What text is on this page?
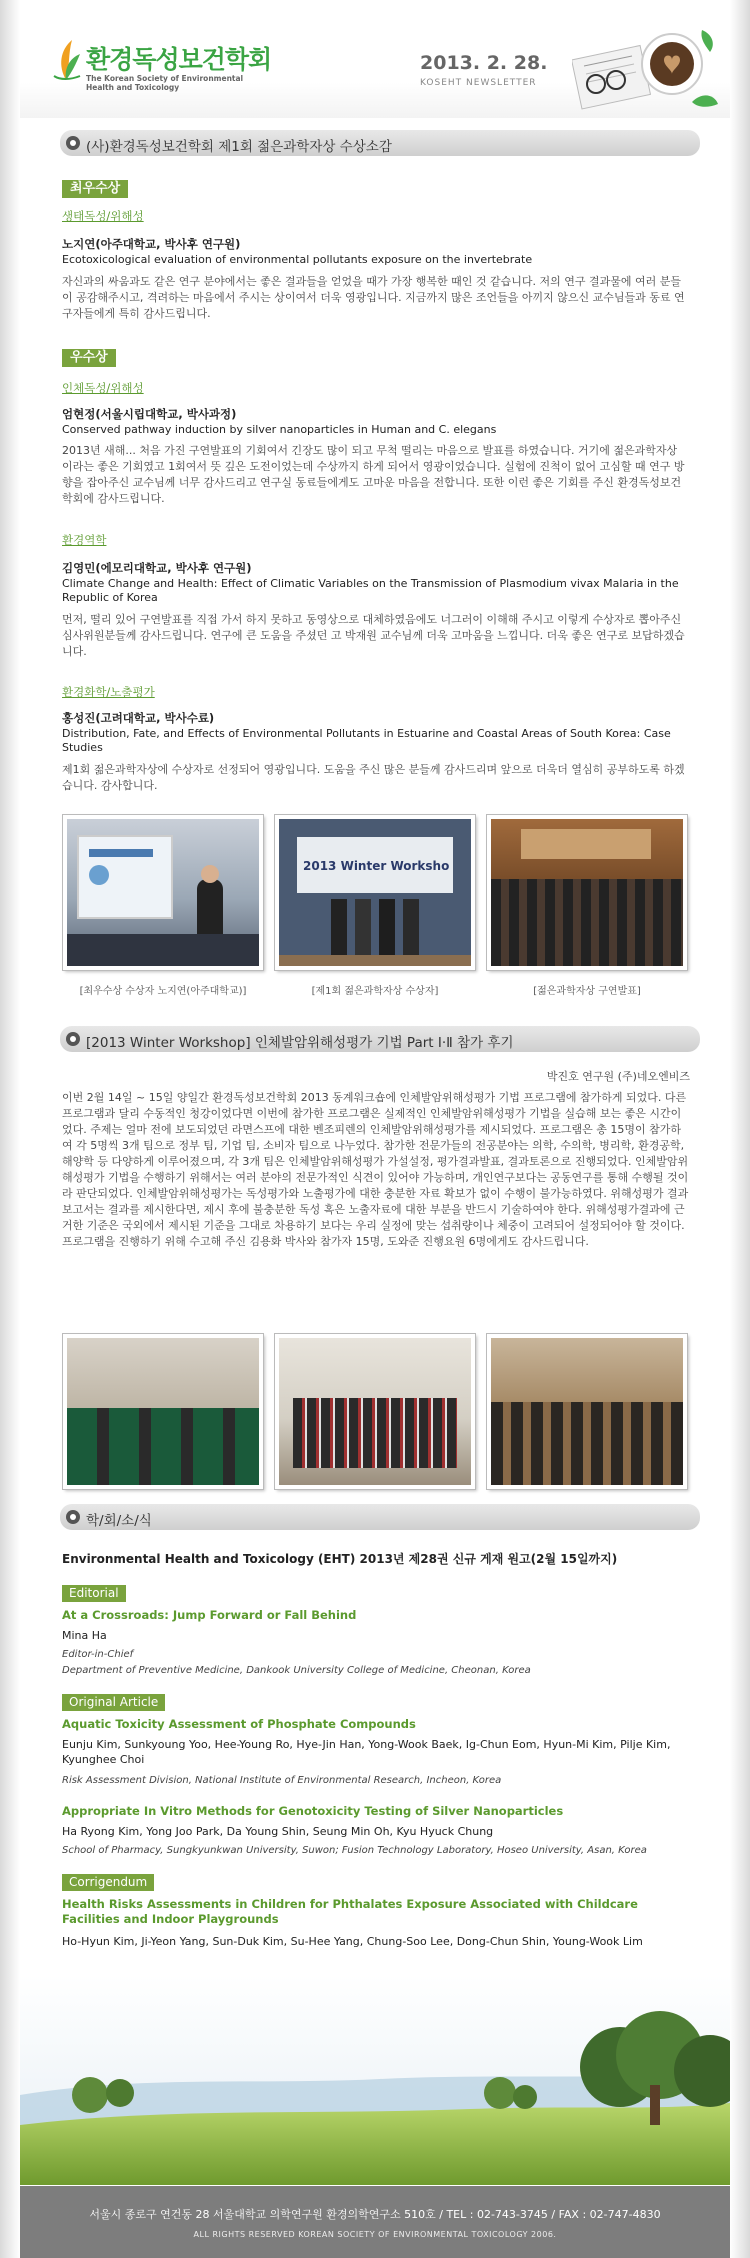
환경독성보건학회
The Korean Society of Environmental
Health and Toxicology
2013. 2. 28.
KOSEHT NEWSLETTER
(사)환경독성보건학회 제1회 젊은과학자상 수상소감
최우수상
생태독성/위해성
노지연(아주대학교, 박사후 연구원)
Ecotoxicological evaluation of environmental pollutants exposure on the invertebrate
자신과의 싸움과도 같은 연구 분야에서는 좋은 결과들을 얻었을 때가 가장 행복한 때인 것 같습니다. 저의 연구 결과물에 여러 분들이 공감해주시고, 격려하는 마음에서 주시는 상이여서 더욱 영광입니다. 지금까지 많은 조언들을 아끼지 않으신 교수님들과 동료 연구자들에게 특히 감사드립니다.
우수상
인체독성/위해성
엄현정(서울시립대학교, 박사과정)
Conserved pathway induction by silver nanoparticles in Human and C. elegans
2013년 새해... 처음 가진 구연발표의 기회여서 긴장도 많이 되고 무척 떨리는 마음으로 발표를 하였습니다. 거기에 젊은과학자상이라는 좋은 기회였고 1회여서 뜻 깊은 도전이었는데 수상까지 하게 되어서 영광이었습니다. 실험에 진척이 없어 고심할 때 연구 방향을 잡아주신 교수님께 너무 감사드리고 연구실 동료들에게도 고마운 마음을 전합니다. 또한 이런 좋은 기회를 주신 환경독성보건학회에 감사드립니다.
환경역학
김영민(에모리대학교, 박사후 연구원)
Climate Change and Health: Effect of Climatic Variables on the Transmission of Plasmodium vivax Malaria in the Republic of Korea
먼저, 떨리 있어 구연발표를 직접 가서 하지 못하고 동영상으로 대체하였음에도 너그러이 이해해 주시고 이렇게 수상자로 뽑아주신 심사위원분들께 감사드립니다. 연구에 큰 도움을 주셨던 고 박재원 교수님께 더욱 고마움을 느낍니다. 더욱 좋은 연구로 보답하겠습니다.
환경화학/노출평가
홍성진(고려대학교, 박사수료)
Distribution, Fate, and Effects of Environmental Pollutants in Estuarine and Coastal Areas of South Korea: Case Studies
제1회 젊은과학자상에 수상자로 선정되어 영광입니다. 도움을 주신 많은 분들께 감사드리며 앞으로 더욱더 열심히 공부하도록 하겠습니다. 감사합니다.
2013 Winter Worksho
[최우수상 수상자 노지연(아주대학교)]	[제1회 젊은과학자상 수상자]	[젊은과학자상 구연발표]
[2013 Winter Workshop] 인체발암위해성평가 기법 Part Ⅰ·Ⅱ 참가 후기
박진호 연구원 (주)네오엔비즈
이번 2월 14일 ~ 15일 양일간 환경독성보건학회 2013 동계워크숍에 인체발암위해성평가 기법 프로그램에 참가하게 되었다. 다른 프로그램과 달리 수동적인 청강이었다면 이번에 참가한 프로그램은 실제적인 인체발암위해성평가 기법을 실습해 보는 좋은 시간이었다. 주제는 얼마 전에 보도되었던 라면스프에 대한 벤조피렌의 인체발암위해성평가를 제시되었다. 프로그램은 총 15명이 참가하여 각 5명씩 3개 팀으로 정부 팀, 기업 팀, 소비자 팀으로 나누었다. 참가한 전문가들의 전공분야는 의학, 수의학, 병리학, 환경공학, 해양학 등 다양하게 이루어졌으며, 각 3개 팀은 인체발암위해성평가 가설설정, 평가결과발표, 결과토론으로 진행되었다. 인체발암위해성평가 기법을 수행하기 위해서는 여러 분야의 전문가적인 식견이 있어야 가능하며, 개인연구보다는 공동연구를 통해 수행될 것이라 판단되었다. 인체발암위해성평가는 독성평가와 노출평가에 대한 충분한 자료 확보가 없이 수행이 불가능하였다. 위해성평가 결과 보고서는 결과를 제시한다면, 제시 후에 불충분한 독성 혹은 노출자료에 대한 부분을 반드시 기술하여야 한다. 위해성평가결과에 근거한 기준은 국외에서 제시된 기준을 그대로 차용하기 보다는 우리 실정에 맞는 섭취량이나 체중이 고려되어 설정되어야 할 것이다. 프로그램을 진행하기 위해 수고해 주신 김용화 박사와 참가자 15명, 도와준 진행요원 6명에게도 감사드립니다.
학/회/소/식
Environmental Health and Toxicology (EHT) 2013년 제28권 신규 게재 원고(2월 15일까지)
Editorial
At a Crossroads: Jump Forward or Fall Behind
Mina Ha
Editor-in-Chief
Department of Preventive Medicine, Dankook University College of Medicine, Cheonan, Korea
Original Article
Aquatic Toxicity Assessment of Phosphate Compounds
Eunju Kim, Sunkyoung Yoo, Hee-Young Ro, Hye-Jin Han, Yong-Wook Baek, Ig-Chun Eom, Hyun-Mi Kim, Pilje Kim, Kyunghee Choi
Risk Assessment Division, National Institute of Environmental Research, Incheon, Korea
Appropriate In Vitro Methods for Genotoxicity Testing of Silver Nanoparticles
Ha Ryong Kim, Yong Joo Park, Da Young Shin, Seung Min Oh, Kyu Hyuck Chung
School of Pharmacy, Sungkyunkwan University, Suwon; Fusion Technology Laboratory, Hoseo University, Asan, Korea
Corrigendum
Health Risks Assessments in Children for Phthalates Exposure Associated with Childcare Facilities and Indoor Playgrounds
Ho-Hyun Kim, Ji-Yeon Yang, Sun-Duk Kim, Su-Hee Yang, Chung-Soo Lee, Dong-Chun Shin, Young-Wook Lim
서울시 종로구 연건동 28 서울대학교 의학연구원 환경의학연구소 510호 / TEL : 02-743-3745 / FAX : 02-747-4830
ALL RIGHTS RESERVED KOREAN SOCIETY OF ENVIRONMENTAL TOXICOLOGY 2006.
